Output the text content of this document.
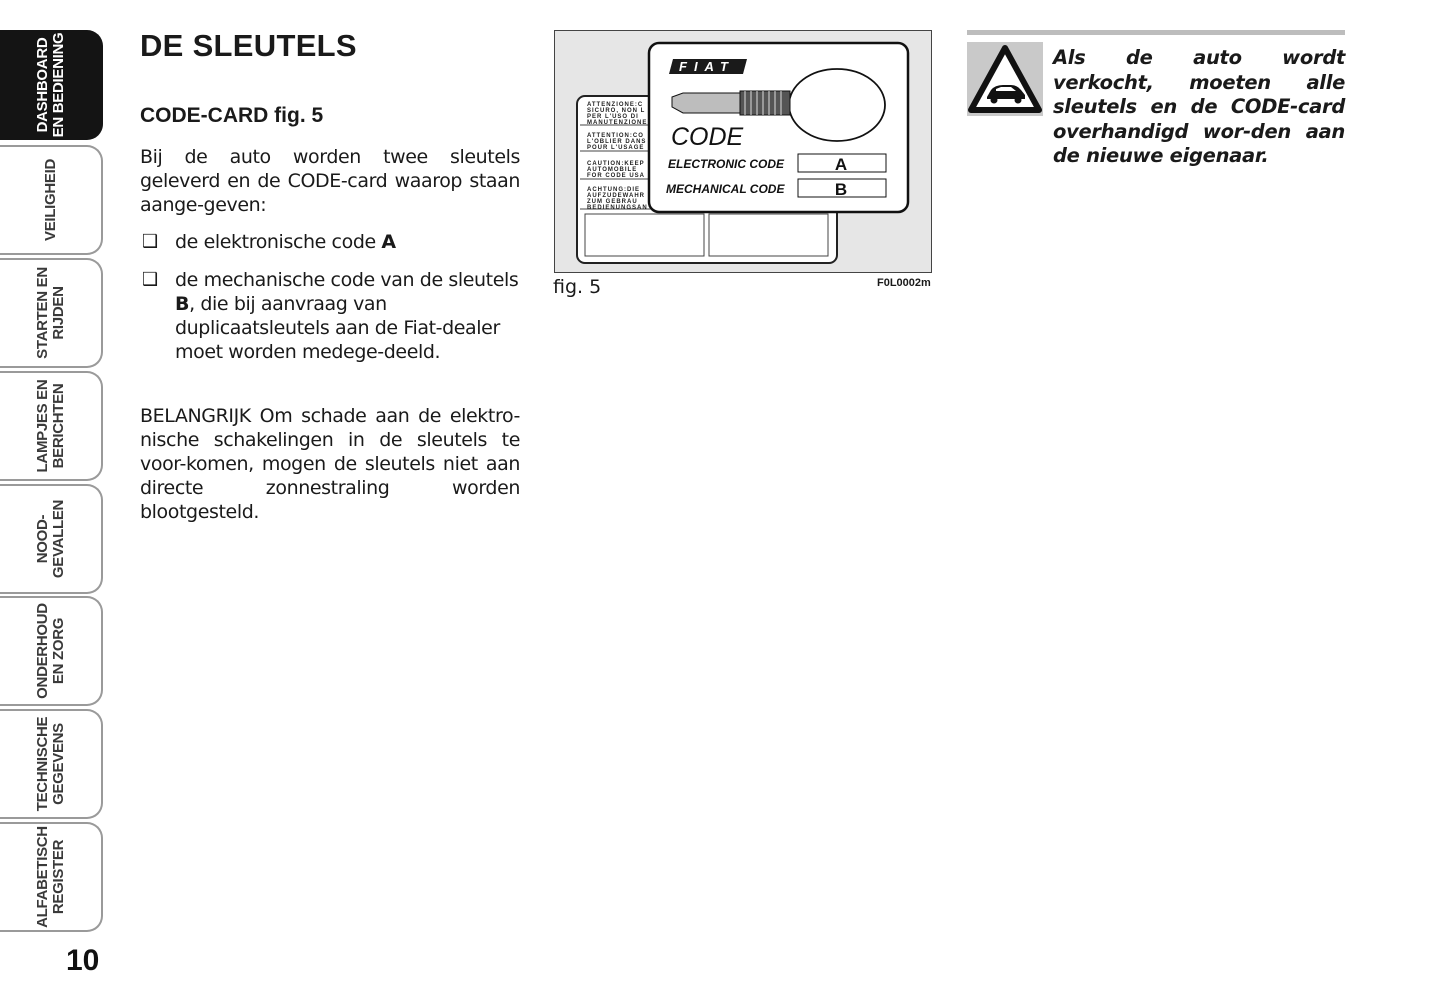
DASHBOARD EN BEDIENING
VEILIGHEID
STARTEN EN RIJDEN
LAMPJES EN BERICHTEN
NOOD- GEVALLEN
ONDERHOUD EN ZORG
TECHNISCHE GEGEVENS
ALFABETISCH REGISTER
10
DE SLEUTELS
CODE-CARD fig. 5

Bij de auto worden twee sleutels geleverd en de CODE-card waarop staan aange-geven:

❑ de elektronische code A
❑ de mechanische code van de sleutels B, die bij aanvraag van duplicaatsleutels aan de Fiat-dealer moet worden medege-deeld.

BELANGRIJK Om schade aan de elektro-nische schakelingen in de sleutels te voor-komen, mogen de sleutels niet aan directe zonnestraling worden blootgesteld.

ATTENZIONE:C
SICURO, NON L
PER L'USO DI
MANUTENZIONE
ATTENTION:CO
L'OBLIER DANS
POUR L'USAGE
CAUTION:KEEP
AUTOMOBILE
FOR CODE USA
ACHTUNG:DIE
AUFZUDEWAHR
ZUM GEBRAU
BEDIENUNGSAN
FIAT
CODE
ELECTRONIC CODE	A
MECHANICAL CODE	B
fig. 5	F0L0002m

Als de auto wordt verkocht, moeten alle sleutels en de CODE-card overhandigd wor-den aan de nieuwe eigenaar.
